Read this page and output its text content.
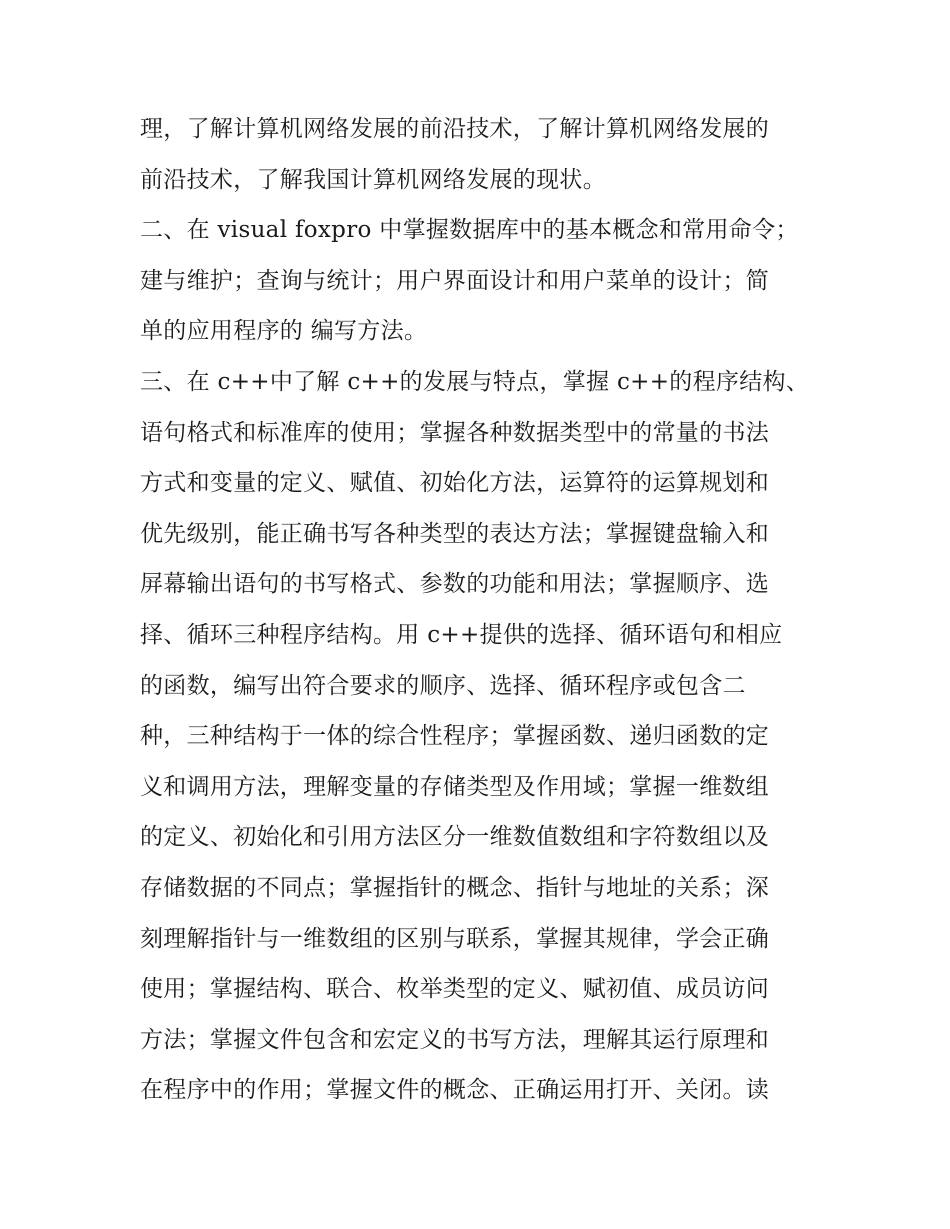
理，了解计算机网络发展的前沿技术，了解计算机网络发展的
前沿技术，了解我国计算机网络发展的现状。
二、在 visual foxpro 中掌握数据库中的基本概念和常用命令；
建与维护；查询与统计；用户界面设计和用户菜单的设计；简
单的应用程序的 编写方法。
三、在 c++中了解 c++的发展与特点，掌握 c++的程序结构、
语句格式和标准库的使用；掌握各种数据类型中的常量的书法
方式和变量的定义、赋值、初始化方法，运算符的运算规划和
优先级别，能正确书写各种类型的表达方法；掌握键盘输入和
屏幕输出语句的书写格式、参数的功能和用法；掌握顺序、选
择、循环三种程序结构。用 c++提供的选择、循环语句和相应
的函数，编写出符合要求的顺序、选择、循环程序或包含二
种，三种结构于一体的综合性程序；掌握函数、递归函数的定
义和调用方法，理解变量的存储类型及作用域；掌握一维数组
的定义、初始化和引用方法区分一维数值数组和字符数组以及
存储数据的不同点；掌握指针的概念、指针与地址的关系；深
刻理解指针与一维数组的区别与联系，掌握其规律，学会正确
使用；掌握结构、联合、枚举类型的定义、赋初值、成员访问
方法；掌握文件包含和宏定义的书写方法，理解其运行原理和
在程序中的作用；掌握文件的概念、正确运用打开、关闭。读
